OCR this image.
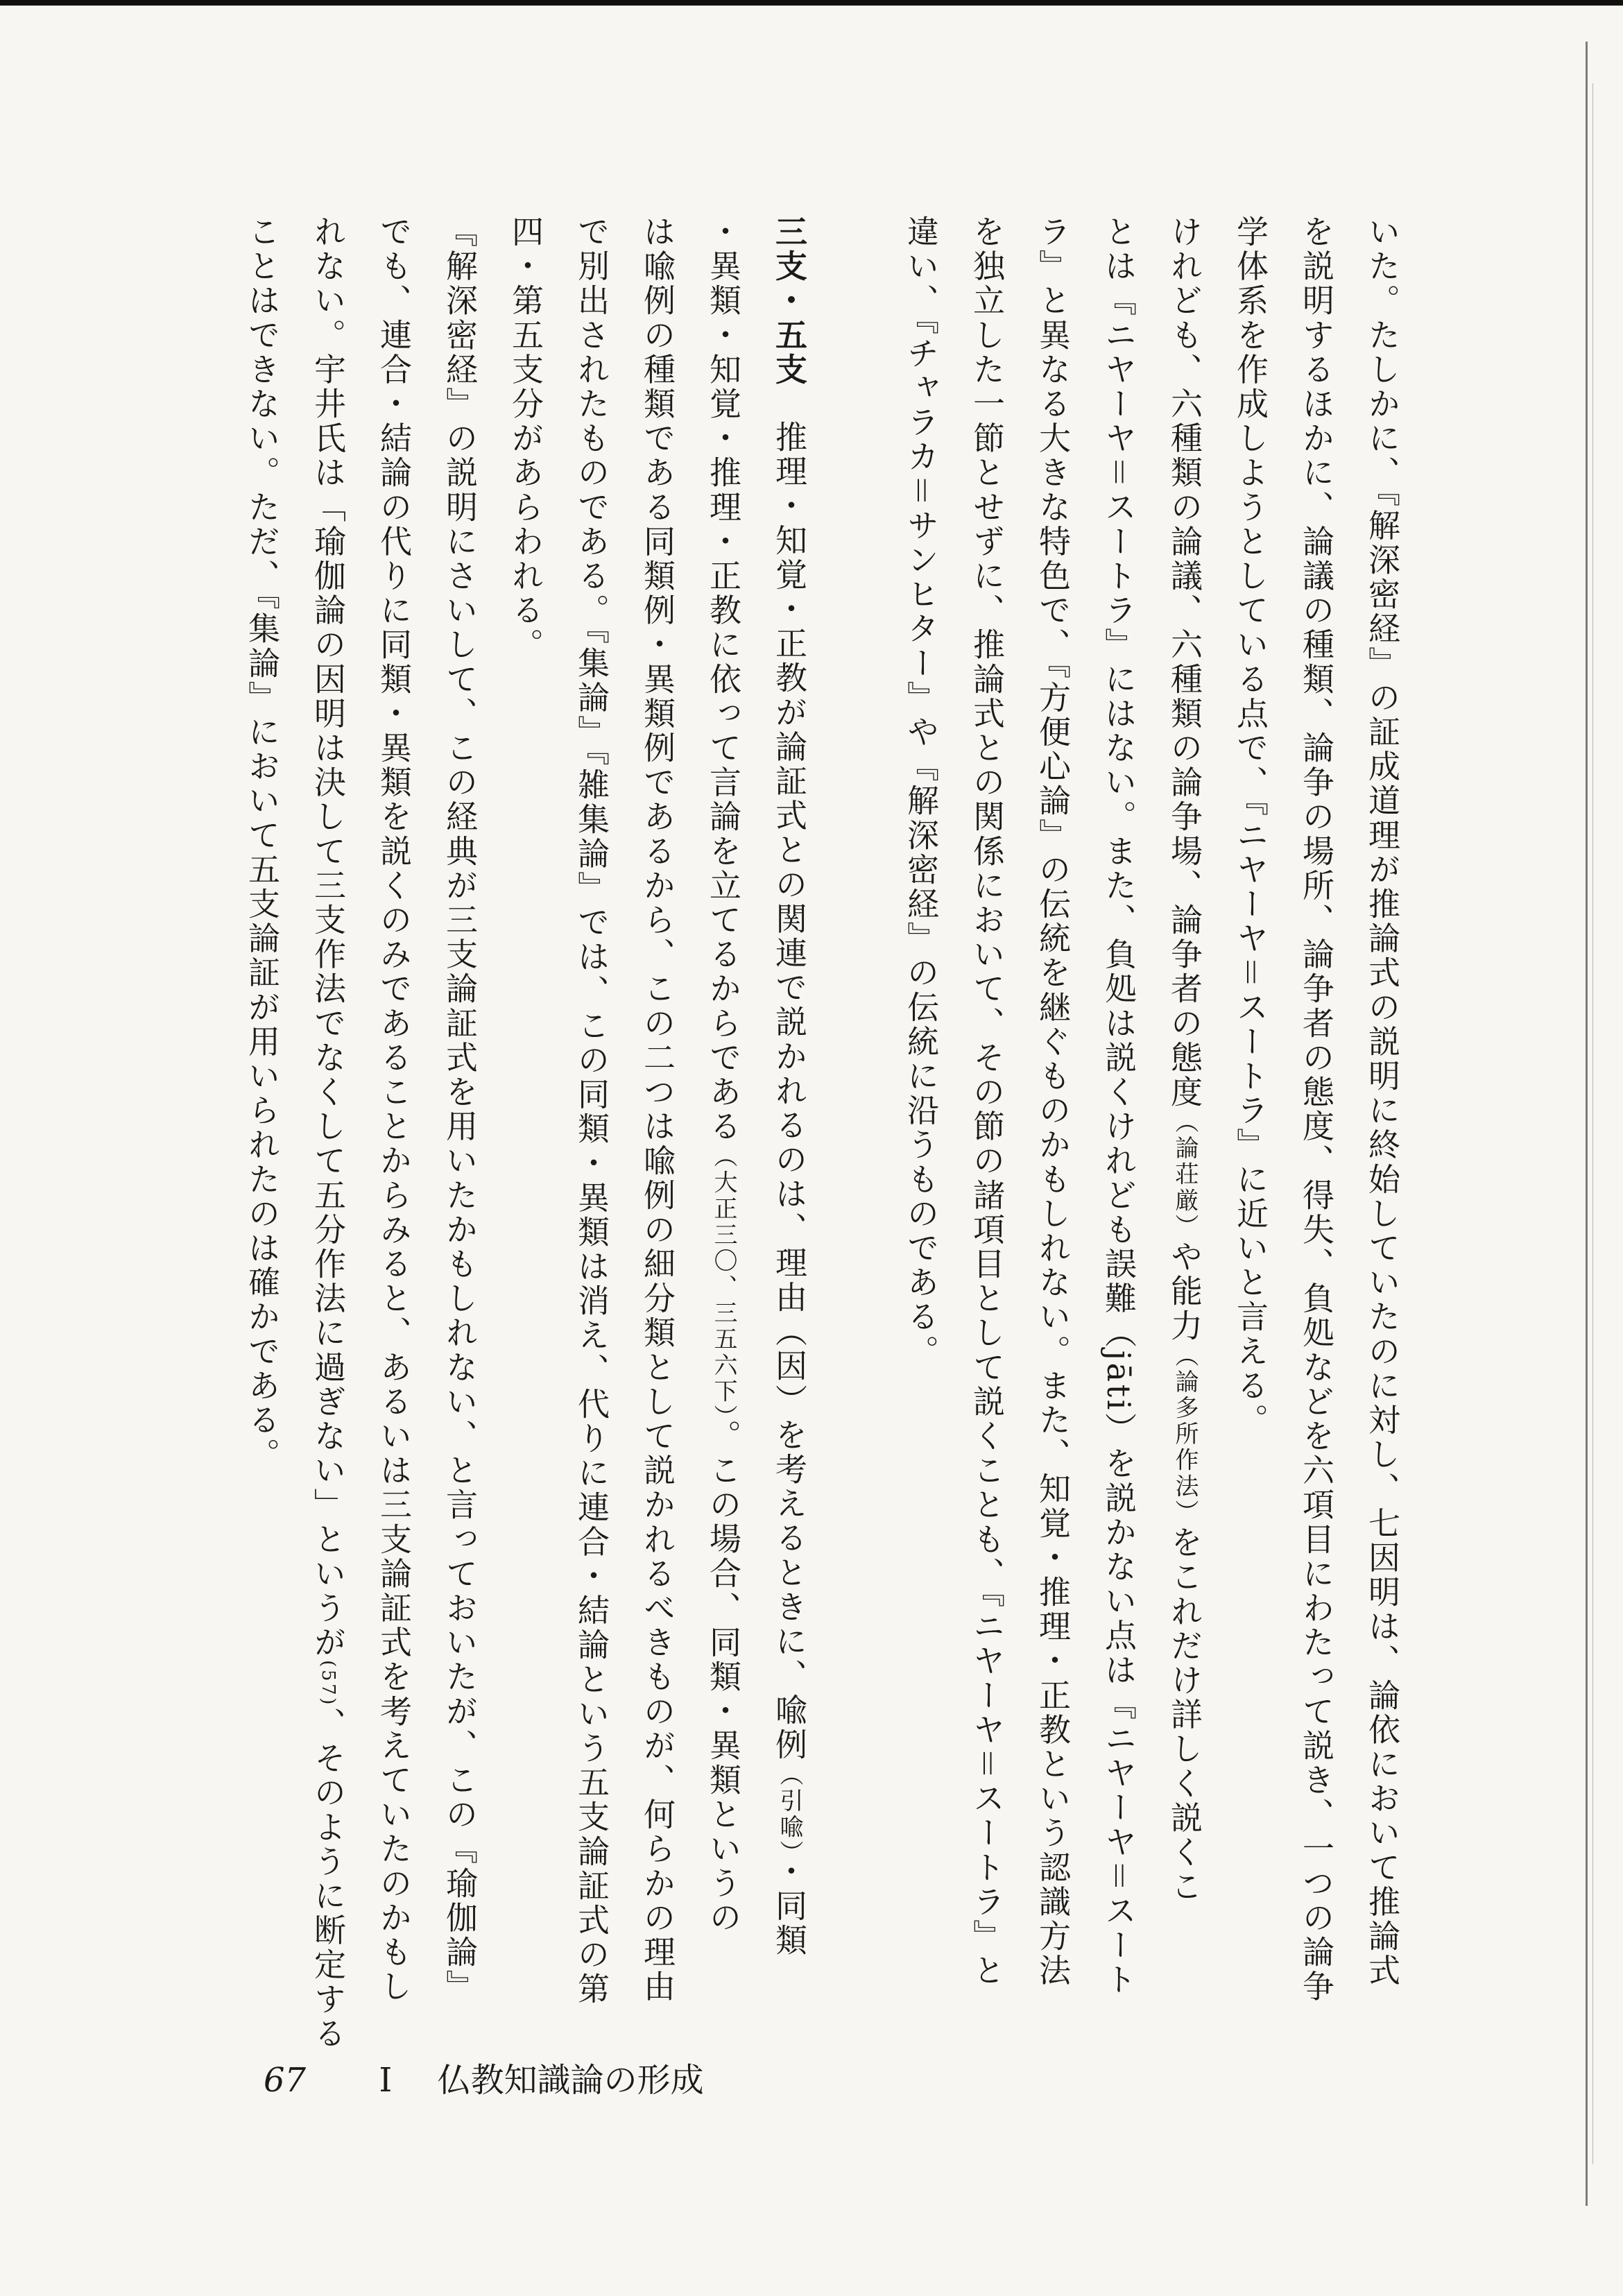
いた。たしかに、『解深密経』の証成道理が推論式の説明に終始していたのに対し、七因明は、論依において推論式

を説明するほかに、論議の種類、論争の場所、論争者の態度、得失、負処などを六項目にわたって説き、一つの論争

学体系を作成しようとしている点で、『ニヤーヤ＝スートラ』に近いと言える。

けれども、六種類の論議、六種類の論争場、論争者の態度（論荘厳）や能力（論多所作法）をこれだけ詳しく説くこ

とは『ニヤーヤ＝スートラ』にはない。また、負処は説くけれども誤難（jāti）を説かない点は『ニヤーヤ＝スート

ラ』と異なる大きな特色で、『方便心論』の伝統を継ぐものかもしれない。また、知覚・推理・正教という認識方法

を独立した一節とせずに、推論式との関係において、その節の諸項目として説くことも、『ニヤーヤ＝スートラ』と

違い、『チャラカ＝サンヒター』や『解深密経』の伝統に沿うものである。

三支・五支推理・知覚・正教が論証式との関連で説かれるのは、理由（因）を考えるときに、喩例（引喩）・同類

・異類・知覚・推理・正教に依って言論を立てるからである（大正三〇、三五六下）。この場合、同類・異類というの

は喩例の種類である同類例・異類例であるから、この二つは喩例の細分類として説かれるべきものが、何らかの理由

で別出されたものである。『集論』『雑集論』では、この同類・異類は消え、代りに連合・結論という五支論証式の第

四・第五支分があらわれる。

『解深密経』の説明にさいして、この経典が三支論証式を用いたかもしれない、と言っておいたが、この『瑜伽論』

でも、連合・結論の代りに同類・異類を説くのみであることからみると、あるいは三支論証式を考えていたのかもし

れない。宇井氏は「瑜伽論の因明は決して三支作法でなくして五分作法に過ぎない」というが(57)、そのように断定する

ことはできない。ただ、『集論』において五支論証が用いられたのは確かである。

67 I 仏教知識論の形成
